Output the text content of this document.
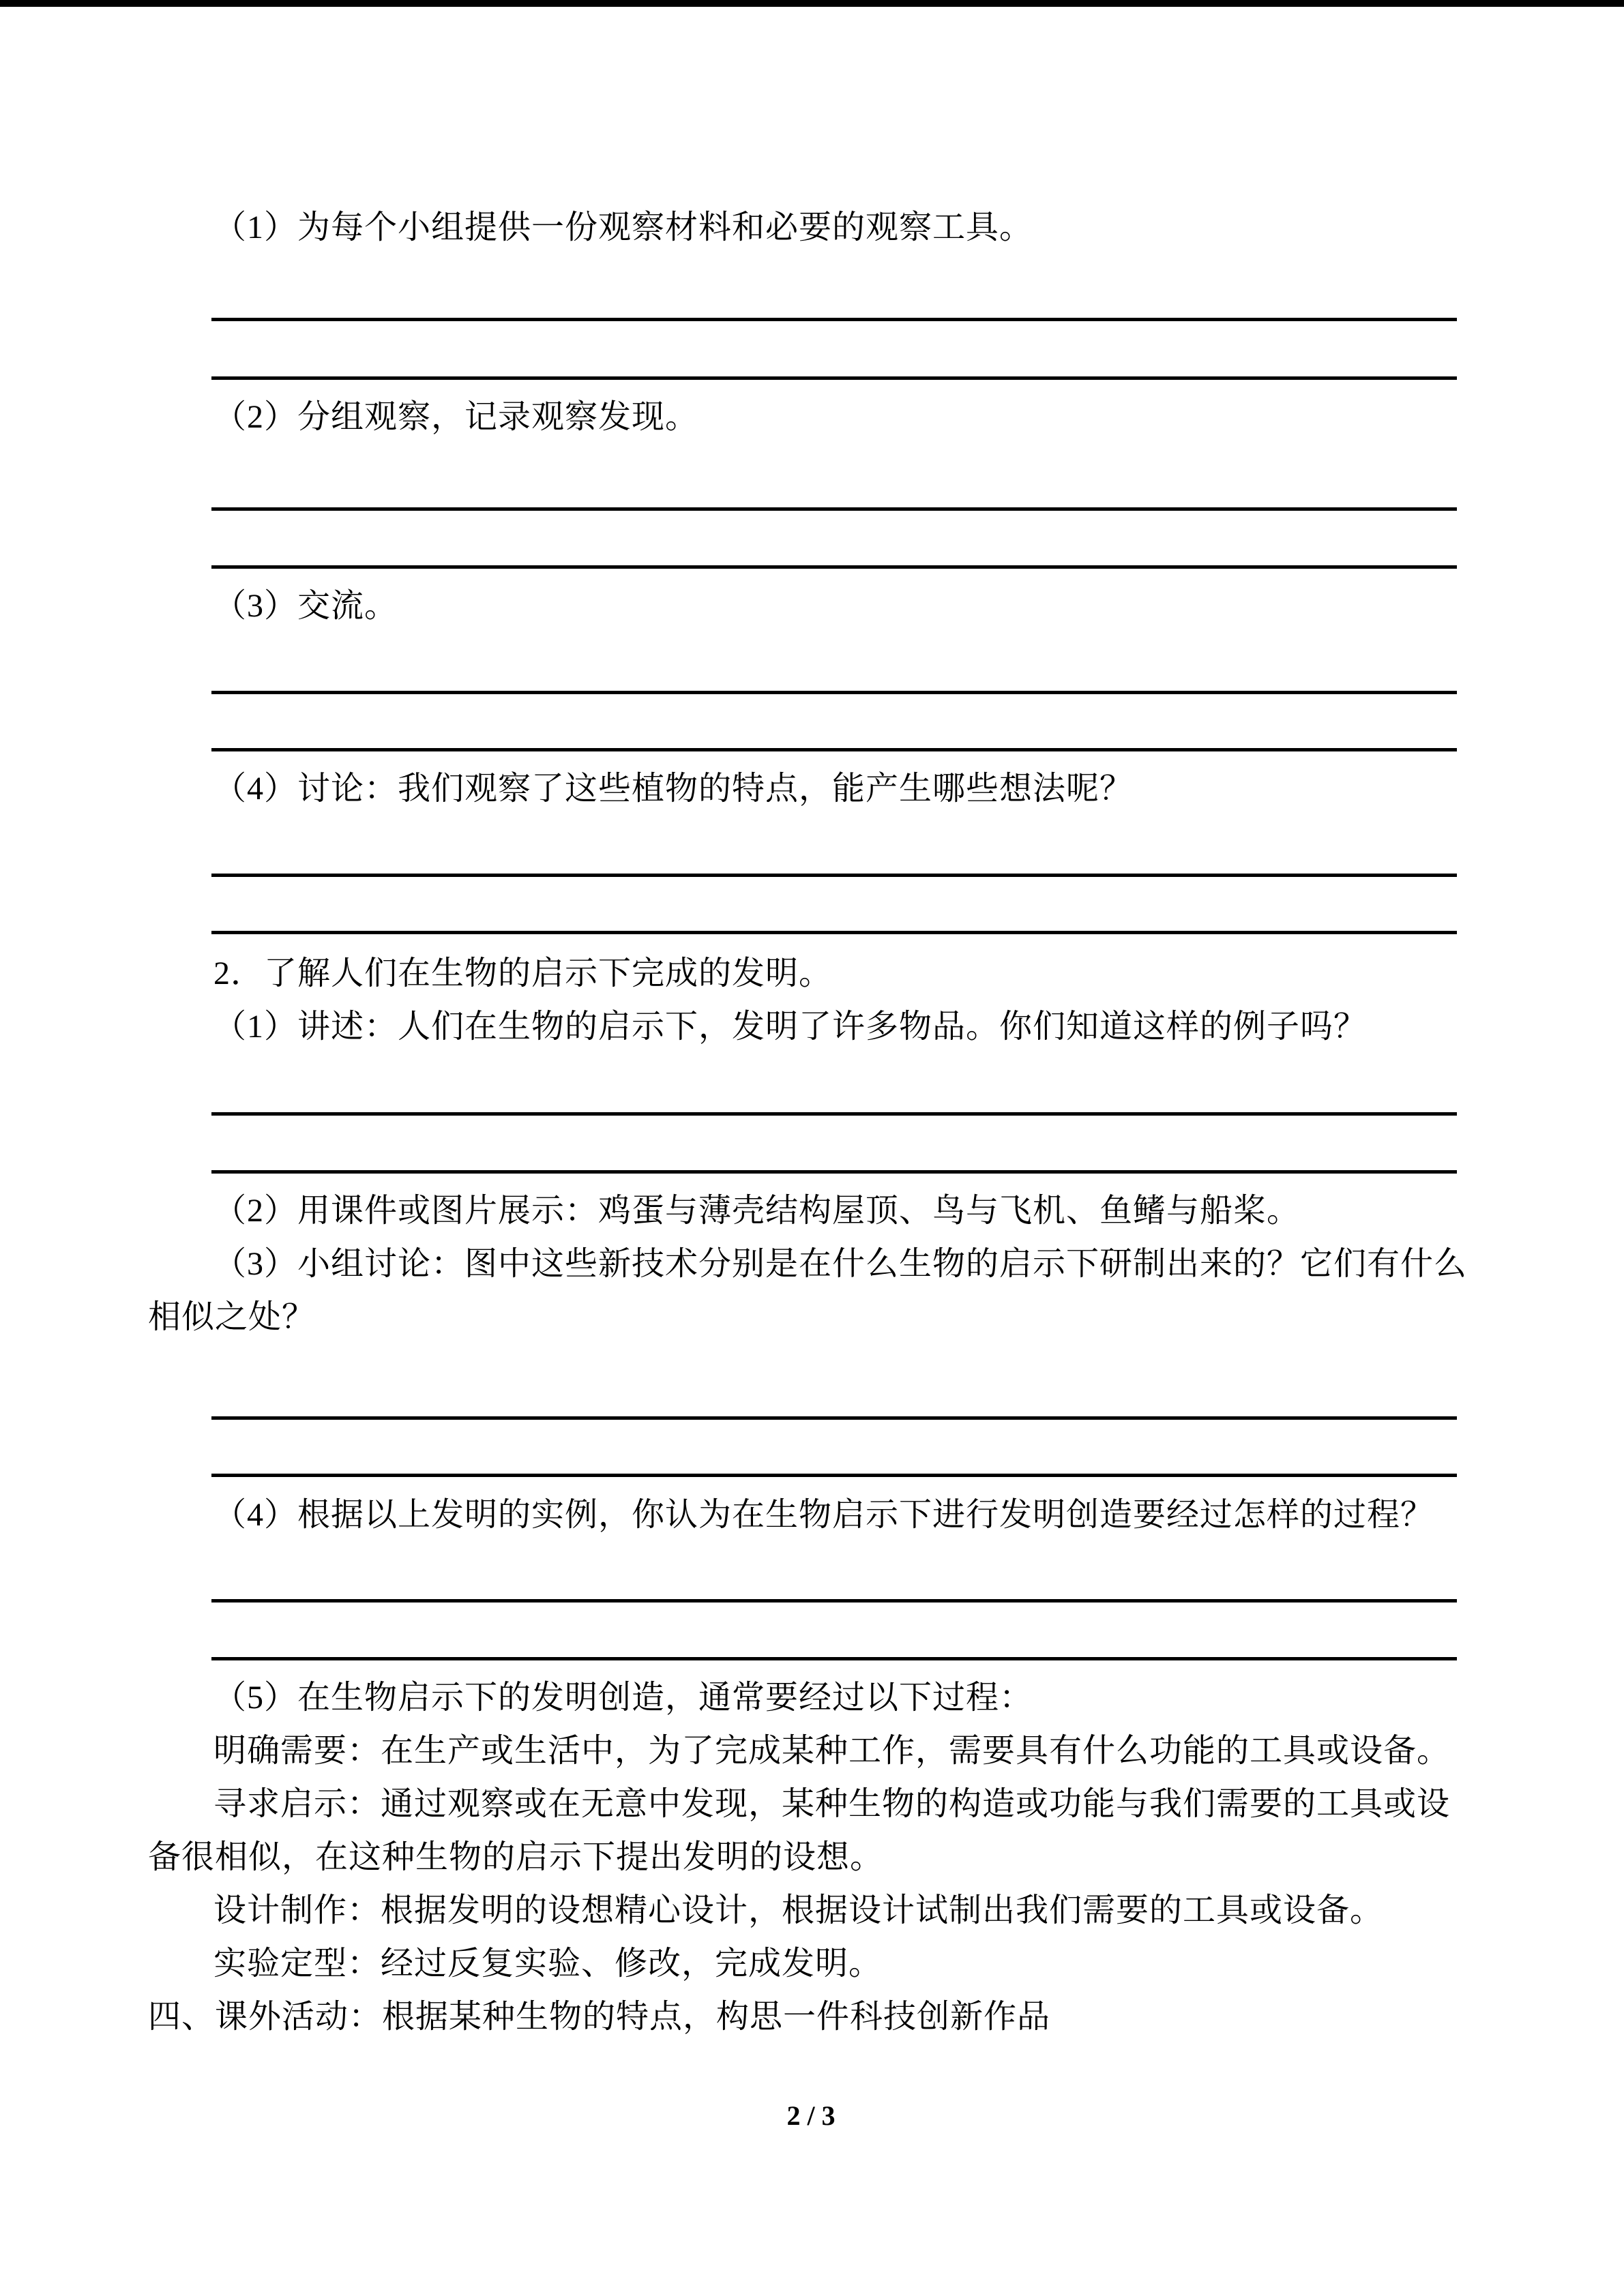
（1）为每个小组提供一份观察材料和必要的观察工具。

（2）分组观察，记录观察发现。

（3）交流。

（4）讨论：我们观察了这些植物的特点，能产生哪些想法呢？

2．了解人们在生物的启示下完成的发明。

（1）讲述：人们在生物的启示下，发明了许多物品。你们知道这样的例子吗？

（2）用课件或图片展示：鸡蛋与薄壳结构屋顶、鸟与飞机、鱼鳍与船桨。

（3）小组讨论：图中这些新技术分别是在什么生物的启示下研制出来的？它们有什么相似之处？

（4）根据以上发明的实例，你认为在生物启示下进行发明创造要经过怎样的过程？

（5）在生物启示下的发明创造，通常要经过以下过程：

明确需要：在生产或生活中，为了完成某种工作，需要具有什么功能的工具或设备。

寻求启示：通过观察或在无意中发现，某种生物的构造或功能与我们需要的工具或设备很相似，在这种生物的启示下提出发明的设想。

设计制作：根据发明的设想精心设计，根据设计试制出我们需要的工具或设备。

实验定型：经过反复实验、修改，完成发明。

四、课外活动：根据某种生物的特点，构思一件科技创新作品

2 / 3
